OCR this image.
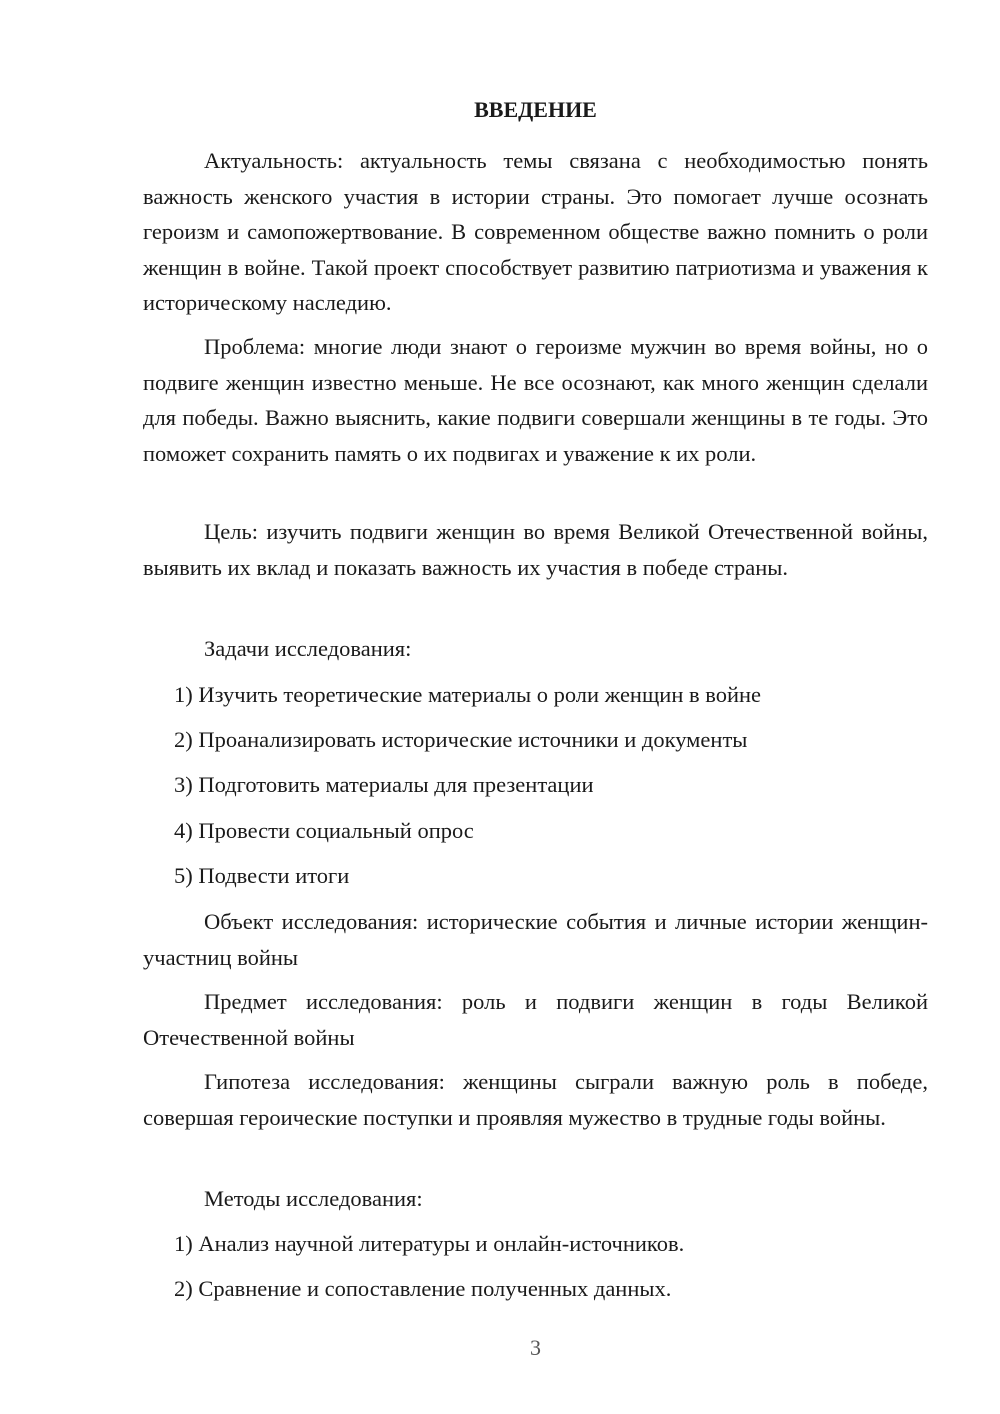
ВВЕДЕНИЕ

Актуальность: актуальность темы связана с необходимостью понять важность женского участия в истории страны. Это помогает лучше осознать героизм и самопожертвование. В современном обществе важно помнить о роли женщин в войне. Такой проект способствует развитию патриотизма и уважения к историческому наследию.

Проблема: многие люди знают о героизме мужчин во время войны, но о подвиге женщин известно меньше. Не все осознают, как много женщин сделали для победы. Важно выяснить, какие подвиги совершали женщины в те годы. Это поможет сохранить память о их подвигах и уважение к их роли.

Цель: изучить подвиги женщин во время Великой Отечественной войны, выявить их вклад и показать важность их участия в победе страны.

Задачи исследования:

1) Изучить теоретические материалы о роли женщин в войне

2) Проанализировать исторические источники и документы

3) Подготовить материалы для презентации

4) Провести социальный опрос

5) Подвести итоги

Объект исследования: исторические события и личные истории женщин-участниц войны

Предмет исследования: роль и подвиги женщин в годы Великой Отечественной войны

Гипотеза исследования: женщины сыграли важную роль в победе, совершая героические поступки и проявляя мужество в трудные годы войны.

Методы исследования:

1) Анализ научной литературы и онлайн-источников.

2) Сравнение и сопоставление полученных данных.

3
